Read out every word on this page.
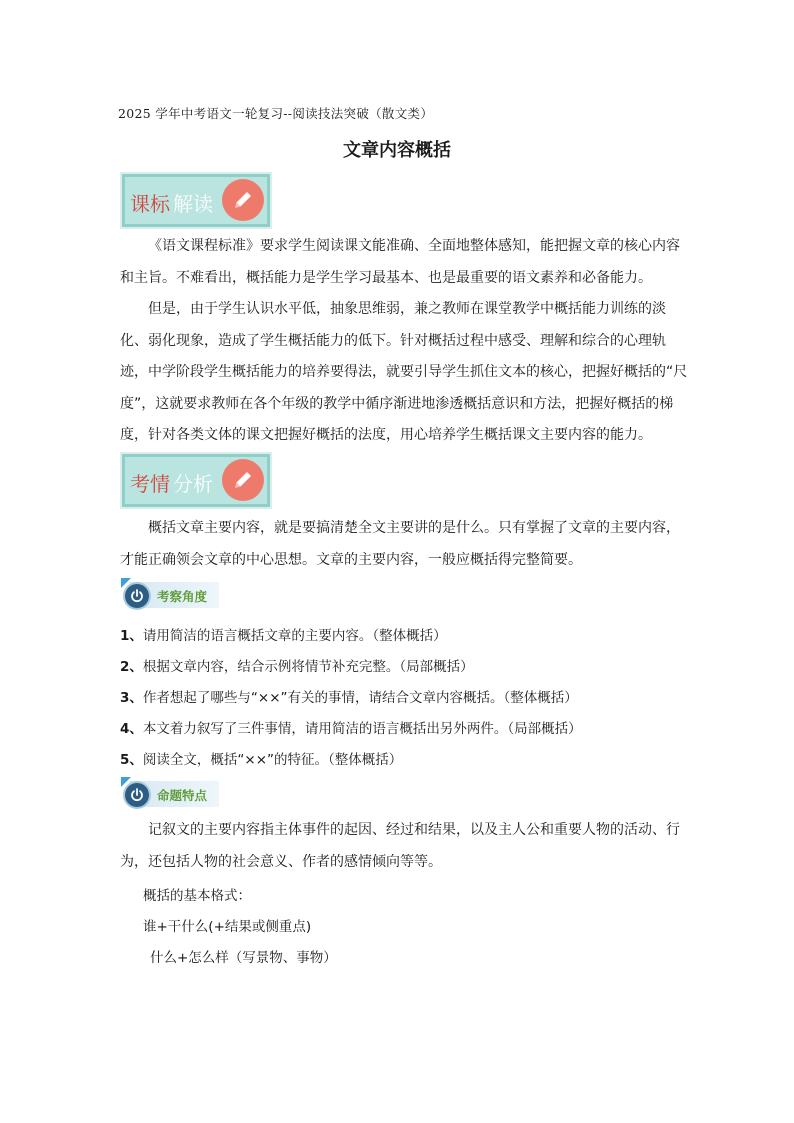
2025 学年中考语文一轮复习--阅读技法突破（散文类）
文章内容概括
课标 解读

《语文课程标准》要求学生阅读课文能准确、全面地整体感知，能把握文章的核心内容和主旨。不难看出，概括能力是学生学习最基本、也是最重要的语文素养和必备能力。

但是，由于学生认识水平低，抽象思维弱，兼之教师在课堂教学中概括能力训练的淡化、弱化现象，造成了学生概括能力的低下。针对概括过程中感受、理解和综合的心理轨迹，中学阶段学生概括能力的培养要得法，就要引导学生抓住文本的核心，把握好概括的“尺度”，这就要求教师在各个年级的教学中循序渐进地渗透概括意识和方法，把握好概括的梯度，针对各类文体的课文把握好概括的法度，用心培养学生概括课文主要内容的能力。

考情 分析

概括文章主要内容，就是要搞清楚全文主要讲的是什么。只有掌握了文章的主要内容，才能正确领会文章的中心思想。文章的主要内容，一般应概括得完整简要。

考察角度
1、请用简洁的语言概括文章的主要内容。（整体概括）
2、根据文章内容，结合示例将情节补充完整。（局部概括）
3、作者想起了哪些与“××”有关的事情，请结合文章内容概括。（整体概括）
4、本文着力叙写了三件事情，请用简洁的语言概括出另外两件。（局部概括）
5、阅读全文，概括“××”的特征。（整体概括）
命题特点

记叙文的主要内容指主体事件的起因、经过和结果，以及主人公和重要人物的活动、行为，还包括人物的社会意义、作者的感情倾向等等。

概括的基本格式：
谁+干什么(+结果或侧重点)
什么+怎么样（写景物、事物）
